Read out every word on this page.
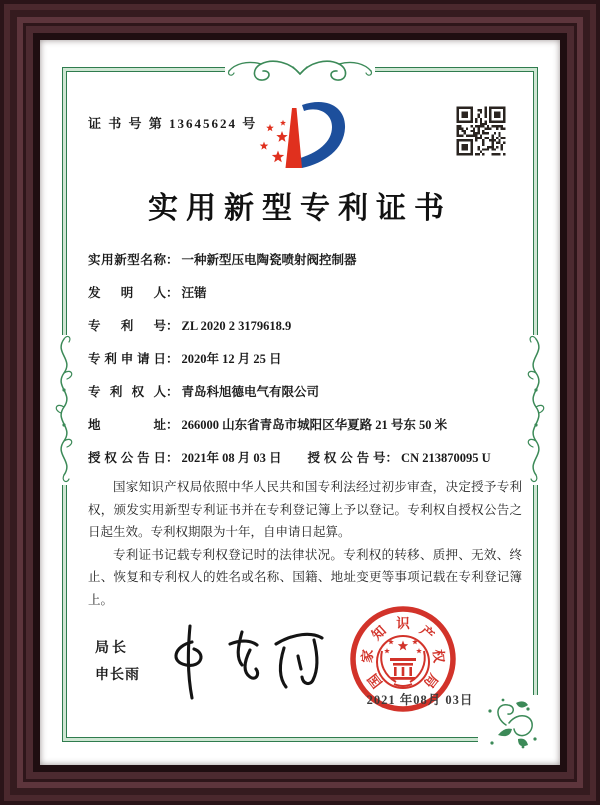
证 书 号 第 13645624 号
实用新型专利证书
实用新型名称： 一种新型压电陶瓷喷射阀控制器
发明人： 汪锴
专利号： ZL 2020 2 3179618.9
专利申请日： 2020年 12 月 25 日
专利权人： 青岛科旭德电气有限公司
地址： 266000 山东省青岛市城阳区华夏路 21 号东 50 米
授权公告日： 2021年 08 月 03 日 授权公告号： CN 213870095 U

国家知识产权局依照中华人民共和国专利法经过初步审查，决定授予专利权，颁发实用新型专利证书并在专利登记簿上予以登记。专利权自授权公告之日起生效。专利权期限为十年，自申请日起算。

专利证书记载专利权登记时的法律状况。专利权的转移、质押、无效、终止、恢复和专利权人的姓名或名称、国籍、地址变更等事项记载在专利登记簿上。

局长
申长雨	国
家
知 识 产
权
局
2021 年08月 03日
